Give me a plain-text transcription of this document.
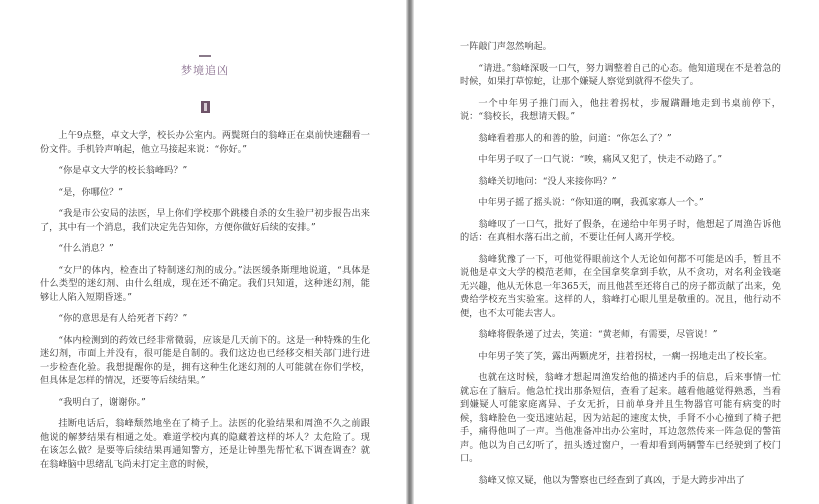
梦境追凶

上午9点整，卓文大学，校长办公室内。两鬓斑白的翁峰正在桌前快速翻看一份文件。手机铃声响起，他立马接起来说：“你好。”

“你是卓文大学的校长翁峰吗？”

“是，你哪位？”

“我是市公安局的法医，早上你们学校那个跳楼自杀的女生验尸初步报告出来了，其中有一个消息，我们决定先告知你，方便你做好后续的安排。”

“什么消息？”

“女尸的体内，检查出了特制迷幻剂的成分。”法医缓条斯理地说道，“具体是什么类型的迷幻剂、由什么组成，现在还不确定。我们只知道，这种迷幻剂，能够让人陷入短期昏迷。”

“你的意思是有人给死者下药？”

“体内检测到的药效已经非常微弱，应该是几天前下的。这是一种特殊的生化迷幻剂，市面上并没有，很可能是自制的。我们这边也已经移交相关部门进行进一步检查化验。我想提醒你的是，拥有这种生化迷幻剂的人可能就在你们学校，但具体是怎样的情况，还要等后续结果。”

“我明白了，谢谢你。”

挂断电话后，翁峰颓然地坐在了椅子上。法医的化验结果和周渔不久之前跟他说的解梦结果有相通之处。难道学校内真的隐藏着这样的坏人？太危险了。现在该怎么做？是要等后续结果再通知警方，还是让钟墨先帮忙私下调查调查？就在翁峰脑中思绪乱飞尚未打定主意的时候，

一阵敲门声忽然响起。

“请进。”翁峰深吸一口气，努力调整着自己的心态。他知道现在不是着急的时候，如果打草惊蛇，让那个嫌疑人察觉到就得不偿失了。

一个中年男子推门而入，他拄着拐杖，步履蹒跚地走到书桌前停下，说：“翁校长，我想请天假。”

翁峰看着那人的和善的脸，问道：“你怎么了？”

中年男子叹了一口气说：“唉，痛风又犯了，快走不动路了。”

翁峰关切地问：“没人来接你吗？”

中年男子摇了摇头说：“你知道的啊，我孤家寡人一个。”

翁峰叹了一口气，批好了假条，在递给中年男子时，他想起了周渔告诉他的话：在真相水落石出之前，不要让任何人离开学校。

翁峰犹豫了一下，可他觉得眼前这个人无论如何都不可能是凶手，暂且不说他是卓文大学的模范老师，在全国拿奖拿到手软，从不贪功，对名利金钱毫无兴趣，他从无休息一年365天，而且他甚至还将自己的房子都贡献了出来，免费给学校充当实验室。这样的人，翁峰打心眼儿里是敬重的。况且，他行动不便，也不太可能去害人。

翁峰将假条递了过去，笑道：“黄老师，有需要，尽管说！”

中年男子笑了笑，露出两颗虎牙，拄着拐杖，一瘸一拐地走出了校长室。

也就在这时候，翁峰才想起周渔发给他的描述内手的信息，后来事情一忙就忘在了脑后。他急忙找出那条短信，查看了起来。越看他越觉得熟悉，当看到嫌疑人可能家庭离异、子女无折，日前单身并且生物器官可能有病变的时候，翁峰脸色一变迅速站起，因为站起的速度太快，手肾不小心撞到了椅子把手，痛得他叫了一声。当他准备冲出办公室时，耳边忽然传来一阵急促的警笛声。他以为自己幻听了，扭头透过窗户，一看却看到两辆警车已经驶到了校门口。

翁峰又惊又疑，他以为警察也已经查到了真凶，于是大跨步冲出了
